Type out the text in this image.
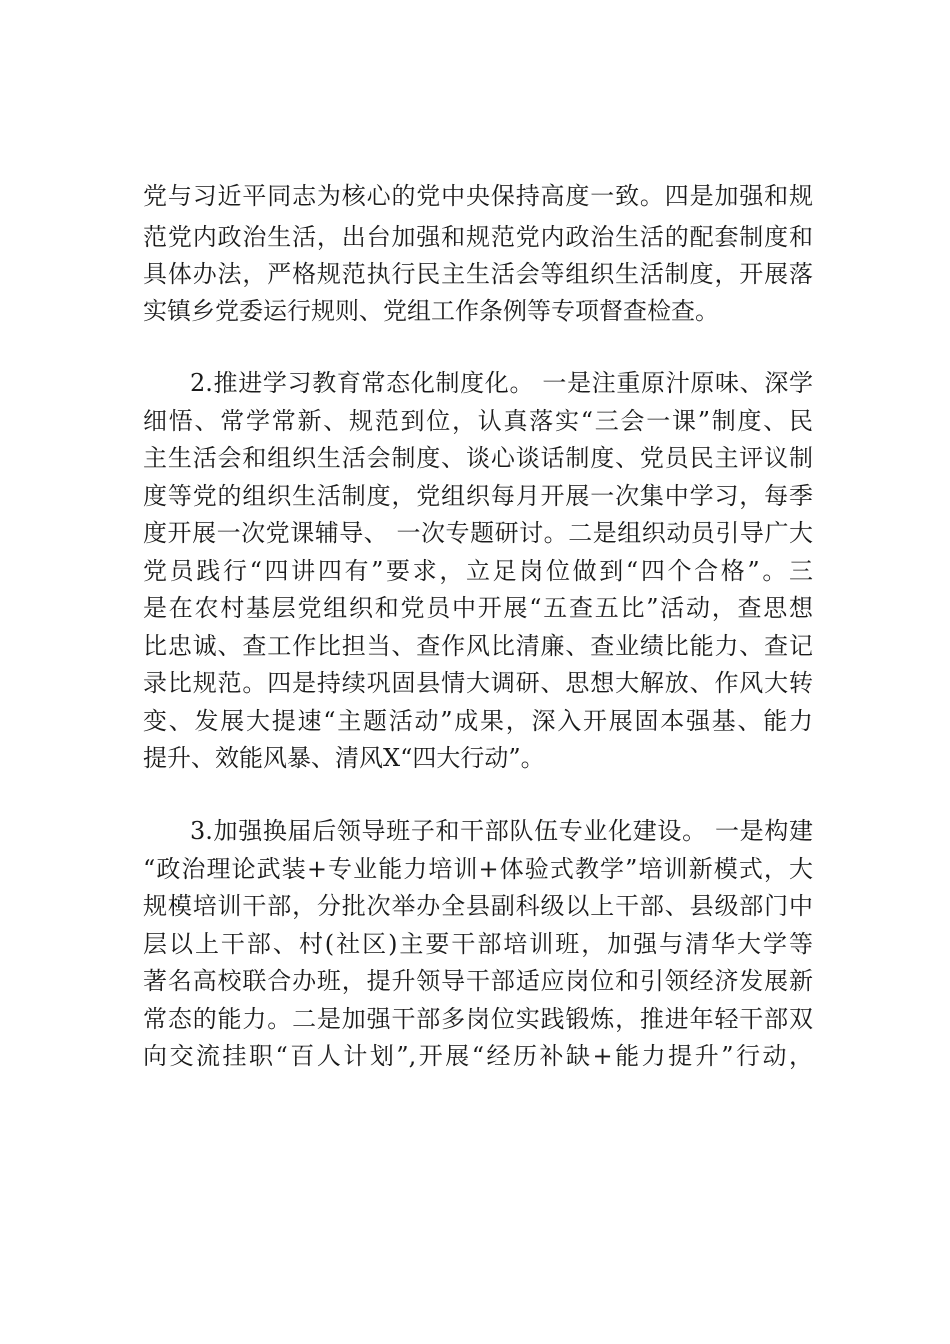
党与习近平同志为核心的党中央保持高度一致。四是加强和规
范党内政治生活，出台加强和规范党内政治生活的配套制度和
具体办法，严格规范执行民主生活会等组织生活制度，开展落
实镇乡党委运行规则、党组工作条例等专项督查检查。
2.推进学习教育常态化制度化。 一是注重原汁原味、深学
细悟、常学常新、规范到位，认真落实“三会一课”制度、民
主生活会和组织生活会制度、谈心谈话制度、党员民主评议制
度等党的组织生活制度，党组织每月开展一次集中学习，每季
度开展一次党课辅导、 一次专题研讨。二是组织动员引导广大
党员践行“四讲四有”要求，立足岗位做到“四个合格”。三
是在农村基层党组织和党员中开展“五查五比”活动，查思想
比忠诚、查工作比担当、查作风比清廉、查业绩比能力、查记
录比规范。四是持续巩固县情大调研、思想大解放、作风大转
变、发展大提速“主题活动”成果，深入开展固本强基、能力
提升、效能风暴、清风X“四大行动”。
3.加强换届后领导班子和干部队伍专业化建设。 一是构建
“政治理论武装+专业能力培训+体验式教学”培训新模式，大
规模培训干部，分批次举办全县副科级以上干部、县级部门中
层以上干部、村(社区)主要干部培训班，加强与清华大学等
著名高校联合办班，提升领导干部适应岗位和引领经济发展新
常态的能力。二是加强干部多岗位实践锻炼，推进年轻干部双
向交流挂职“百人计划”,开展“经历补缺+能力提升”行动，
